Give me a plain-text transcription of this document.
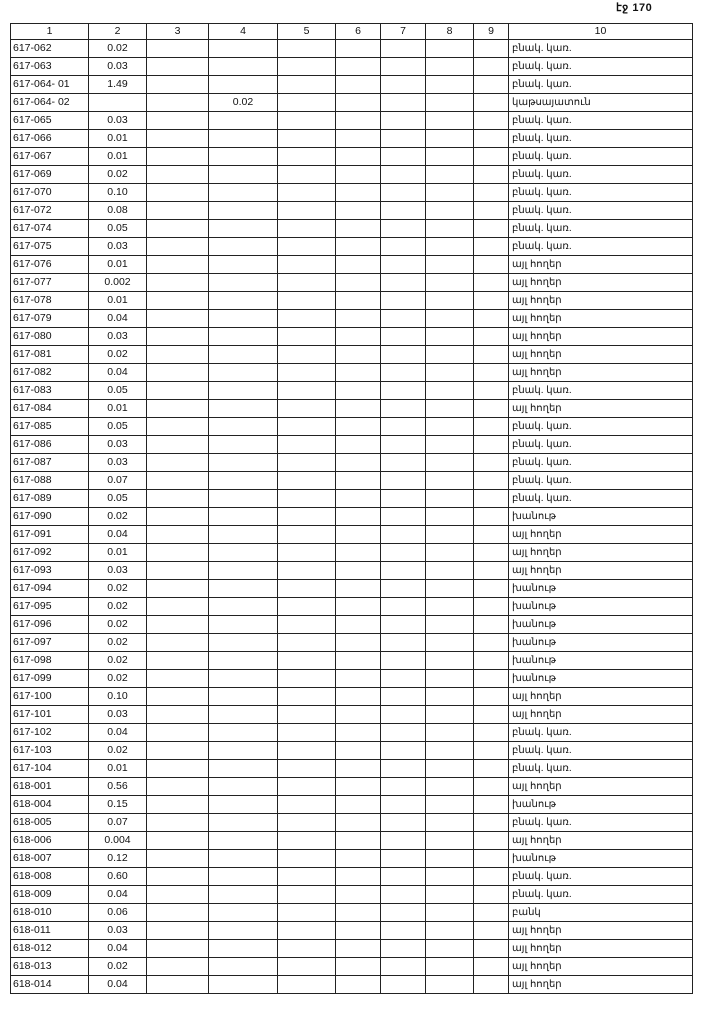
էջ 170
1	2	3	4	5	6	7	8	9	10
617-062	0.02								բնակ. կառ.
617-063	0.03								բնակ. կառ.
617-064- 01	1.49								բնակ. կառ.
617-064- 02			0.02						կաթսայատուն
617-065	0.03								բնակ. կառ.
617-066	0.01								բնակ. կառ.
617-067	0.01								բնակ. կառ.
617-069	0.02								բնակ. կառ.
617-070	0.10								բնակ. կառ.
617-072	0.08								բնակ. կառ.
617-074	0.05								բնակ. կառ.
617-075	0.03								բնակ. կառ.
617-076	0.01								այլ հողեր
617-077	0.002								այլ հողեր
617-078	0.01								այլ հողեր
617-079	0.04								այլ հողեր
617-080	0.03								այլ հողեր
617-081	0.02								այլ հողեր
617-082	0.04								այլ հողեր
617-083	0.05								բնակ. կառ.
617-084	0.01								այլ հողեր
617-085	0.05								բնակ. կառ.
617-086	0.03								բնակ. կառ.
617-087	0.03								բնակ. կառ.
617-088	0.07								բնակ. կառ.
617-089	0.05								բնակ. կառ.
617-090	0.02								խանութ
617-091	0.04								այլ հողեր
617-092	0.01								այլ հողեր
617-093	0.03								այլ հողեր
617-094	0.02								խանութ
617-095	0.02								խանութ
617-096	0.02								խանութ
617-097	0.02								խանութ
617-098	0.02								խանութ
617-099	0.02								խանութ
617-100	0.10								այլ հողեր
617-101	0.03								այլ հողեր
617-102	0.04								բնակ. կառ.
617-103	0.02								բնակ. կառ.
617-104	0.01								բնակ. կառ.
618-001	0.56								այլ հողեր
618-004	0.15								խանութ
618-005	0.07								բնակ. կառ.
618-006	0.004								այլ հողեր
618-007	0.12								խանութ
618-008	0.60								բնակ. կառ.
618-009	0.04								բնակ. կառ.
618-010	0.06								բանկ
618-011	0.03								այլ հողեր
618-012	0.04								այլ հողեր
618-013	0.02								այլ հողեր
618-014	0.04								այլ հողեր
